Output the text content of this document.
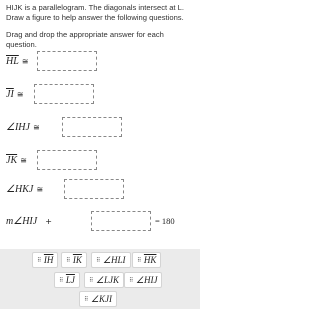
HIJK is a parallelogram. The diagonals intersect at L. Draw a figure to help answer the following questions.
Drag and drop the appropriate answer for each question.
$\overline{HL}$ ≅
$\overline{JI}$ ≅
∠IHJ ≅
$\overline{JK}$ ≅
∠HKJ ≅
m∠HIJ +	= 180
⠿ $\overline{IH}$ ⠿ $\overline{IK}$ ⠿ ∠HLI ⠿ $\overline{HK}$
⠿ $\overline{LJ}$ ⠿ ∠LJK ⠿ ∠HIJ
⠿ ∠KJI
